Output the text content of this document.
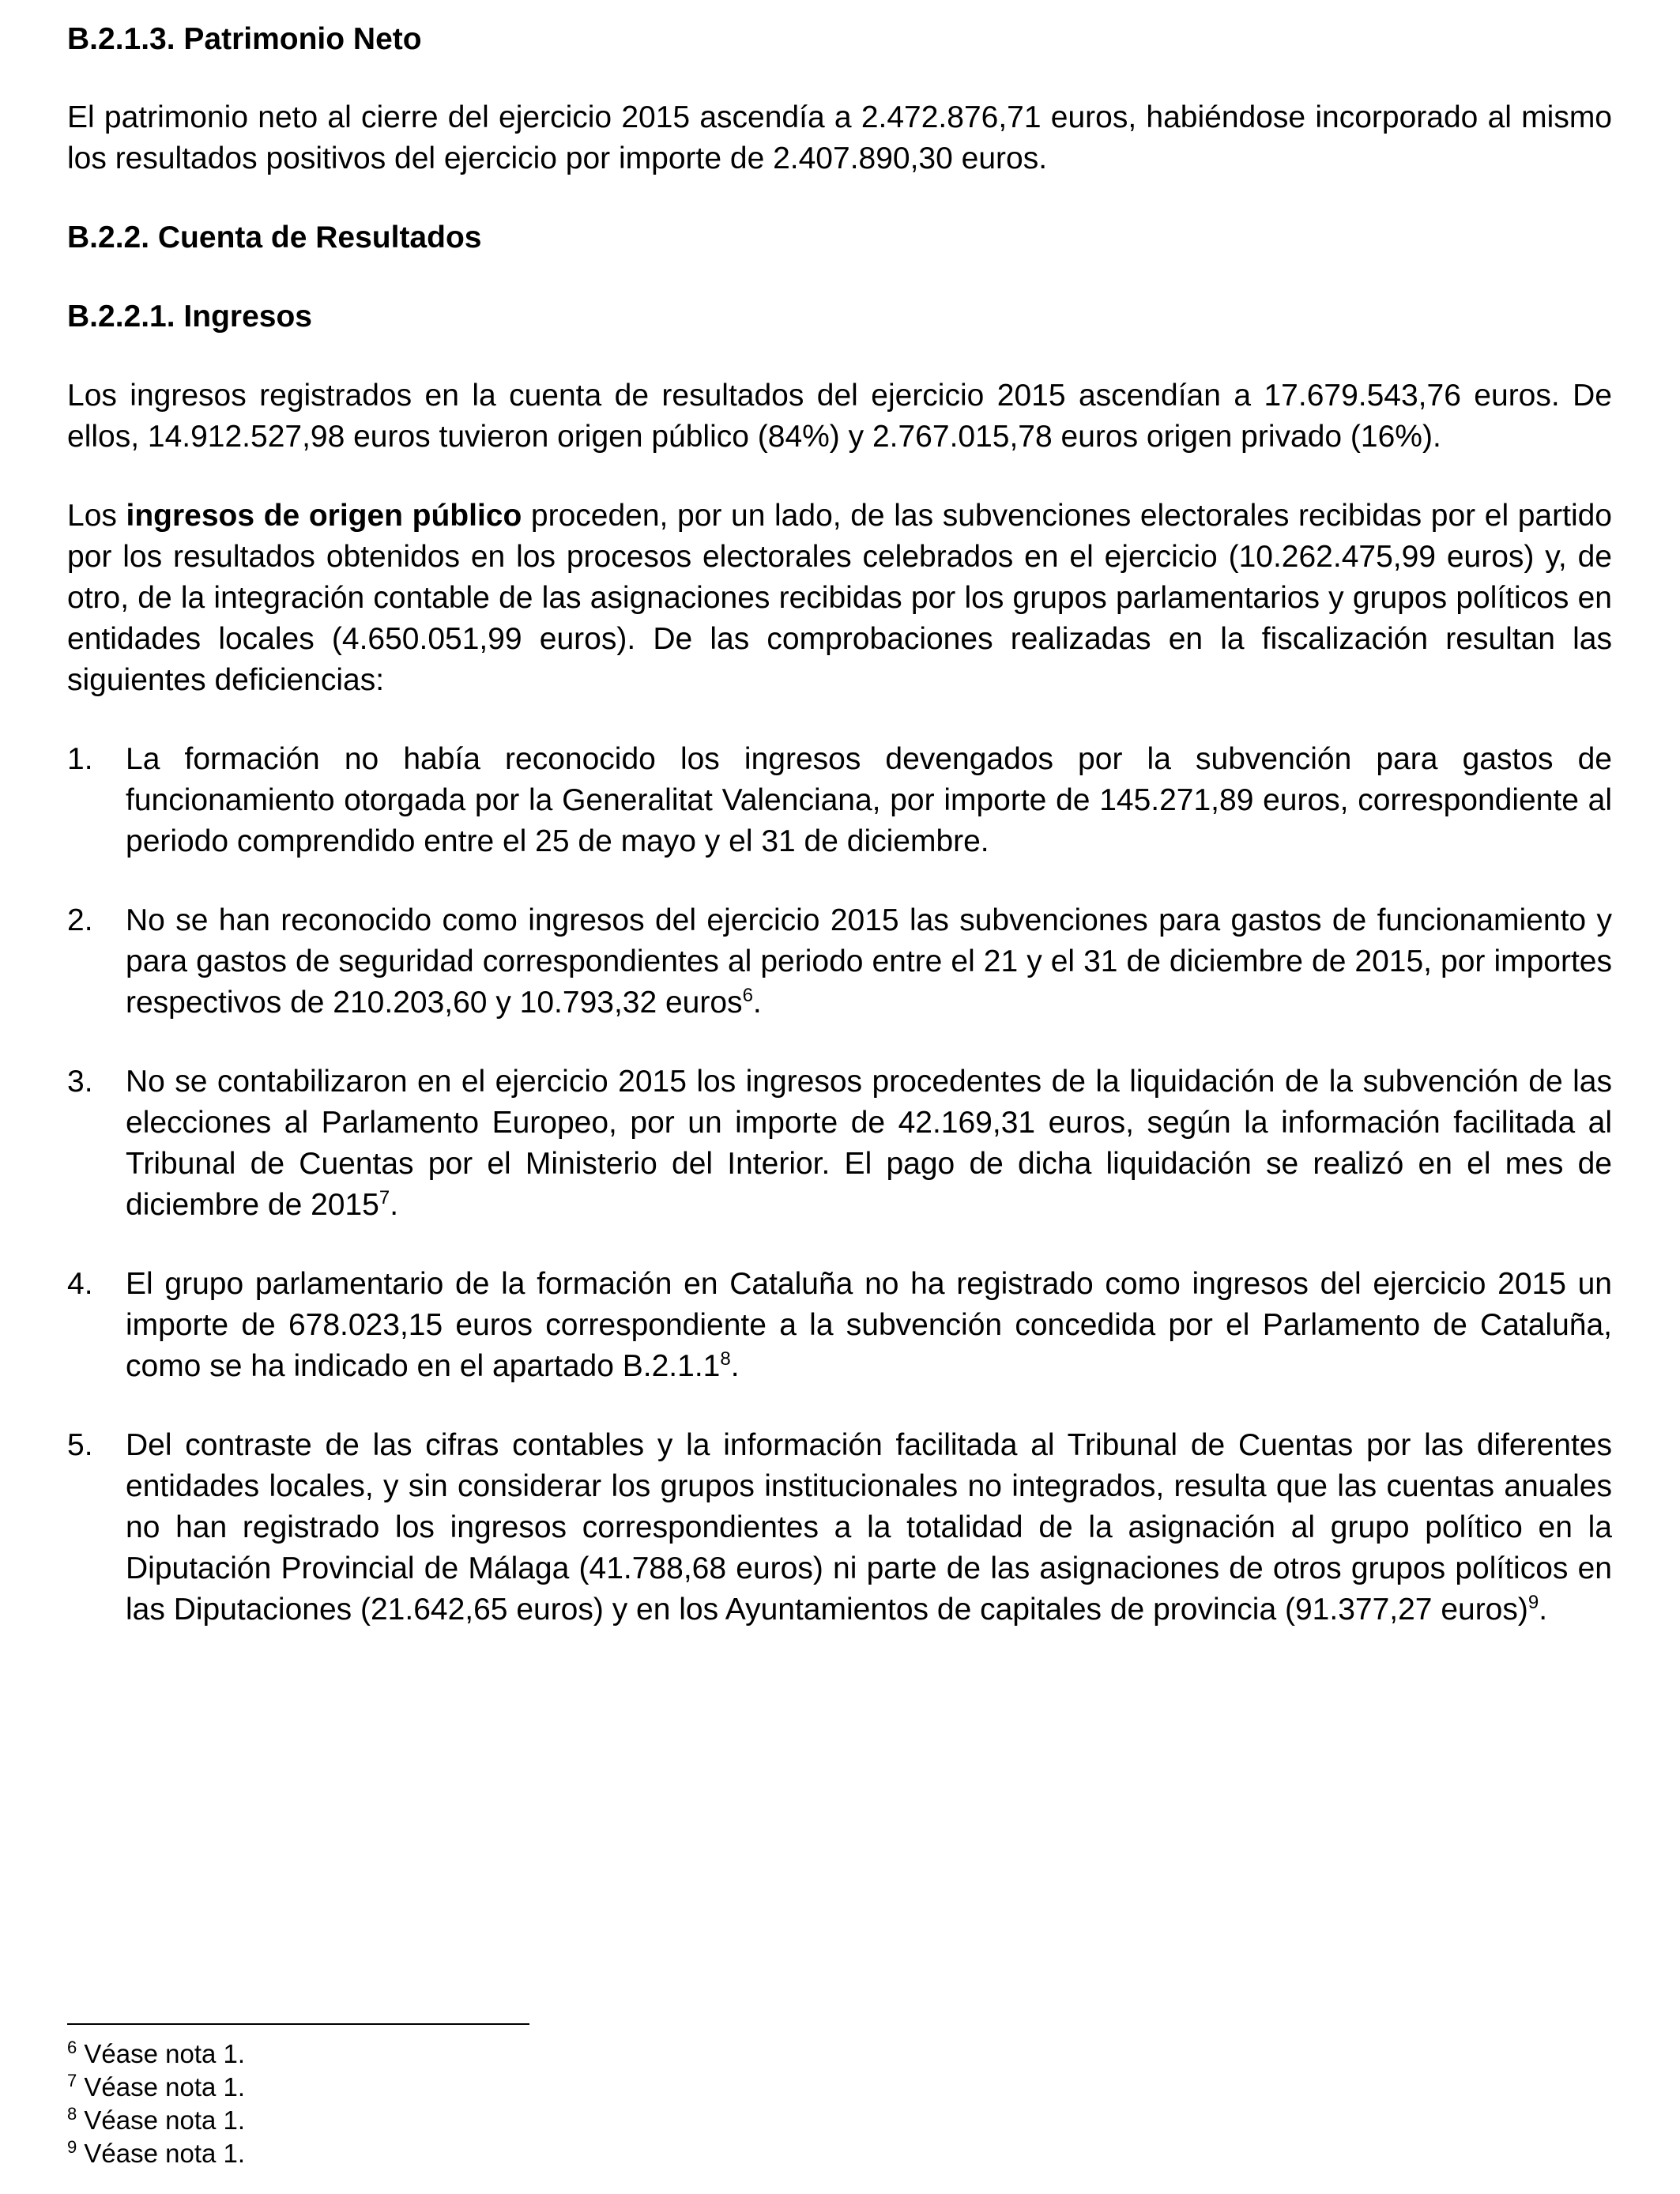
B.2.1.3. Patrimonio Neto

El patrimonio neto al cierre del ejercicio 2015 ascendía a 2.472.876,71 euros, habiéndose incorporado al mismo los resultados positivos del ejercicio por importe de 2.407.890,30 euros.

B.2.2. Cuenta de Resultados

B.2.2.1. Ingresos

Los ingresos registrados en la cuenta de resultados del ejercicio 2015 ascendían a 17.679.543,76 euros. De ellos, 14.912.527,98 euros tuvieron origen público (84%) y 2.767.015,78 euros origen privado (16%).

Los ingresos de origen público proceden, por un lado, de las subvenciones electorales recibidas por el partido por los resultados obtenidos en los procesos electorales celebrados en el ejercicio (10.262.475,99 euros) y, de otro, de la integración contable de las asignaciones recibidas por los grupos parlamentarios y grupos políticos en entidades locales (4.650.051,99 euros). De las comprobaciones realizadas en la fiscalización resultan las siguientes deficiencias:

1.	La formación no había reconocido los ingresos devengados por la subvención para gastos de funcionamiento otorgada por la Generalitat Valenciana, por importe de 145.271,89 euros, correspondiente al periodo comprendido entre el 25 de mayo y el 31 de diciembre.
2.	No se han reconocido como ingresos del ejercicio 2015 las subvenciones para gastos de funcionamiento y para gastos de seguridad correspondientes al periodo entre el 21 y el 31 de diciembre de 2015, por importes respectivos de 210.203,60 y 10.793,32 euros$^6$.
3.	No se contabilizaron en el ejercicio 2015 los ingresos procedentes de la liquidación de la subvención de las elecciones al Parlamento Europeo, por un importe de 42.169,31 euros, según la información facilitada al Tribunal de Cuentas por el Ministerio del Interior. El pago de dicha liquidación se realizó en el mes de diciembre de 2015$^7$.
4.	El grupo parlamentario de la formación en Cataluña no ha registrado como ingresos del ejercicio 2015 un importe de 678.023,15 euros correspondiente a la subvención concedida por el Parlamento de Cataluña, como se ha indicado en el apartado B.2.1.1$^8$.
5.	Del contraste de las cifras contables y la información facilitada al Tribunal de Cuentas por las diferentes entidades locales, y sin considerar los grupos institucionales no integrados, resulta que las cuentas anuales no han registrado los ingresos correspondientes a la totalidad de la asignación al grupo político en la Diputación Provincial de Málaga (41.788,68 euros) ni parte de las asignaciones de otros grupos políticos en las Diputaciones (21.642,65 euros) y en los Ayuntamientos de capitales de provincia (91.377,27 euros)$^9$.

$^6$ Véase nota 1.

$^7$ Véase nota 1.

$^8$ Véase nota 1.

$^9$ Véase nota 1.
